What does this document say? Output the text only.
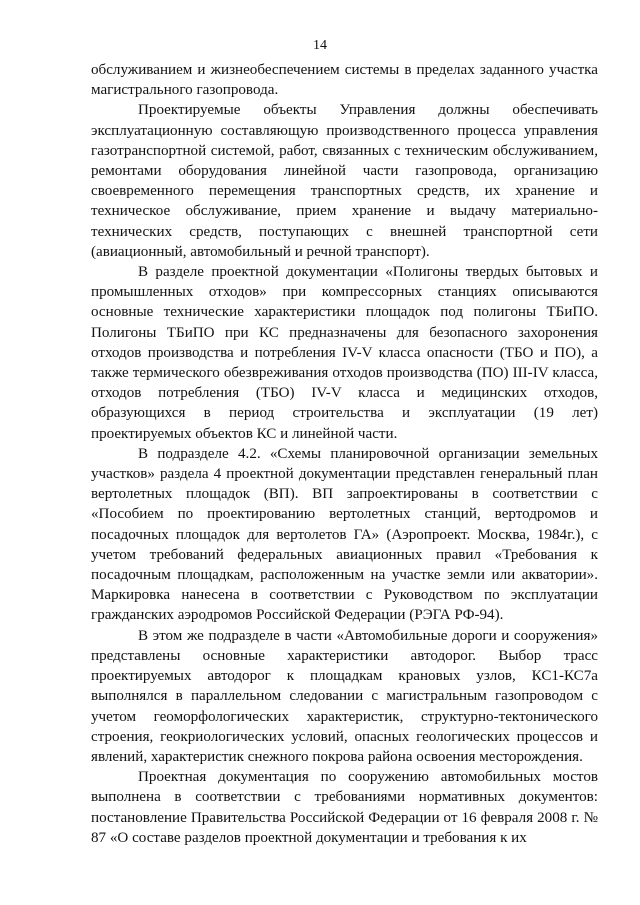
14

обслуживанием и жизнеобеспечением системы в пределах заданного участка магистрального газопровода.

Проектируемые объекты Управления должны обеспечивать эксплуатационную составляющую производственного процесса управления газотранспортной системой, работ, связанных с техническим обслуживанием, ремонтами оборудования линейной части газопровода, организацию своевременного перемещения транспортных средств, их хранение и техническое обслуживание, прием хранение и выдачу материально-технических средств, поступающих с внешней транспортной сети (авиационный, автомобильный и речной транспорт).

В разделе проектной документации «Полигоны твердых бытовых и промышленных отходов» при компрессорных станциях описываются основные технические характеристики площадок под полигоны ТБиПО. Полигоны ТБиПО при КС предназначены для безопасного захоронения отходов производства и потребления IV-V класса опасности (ТБО и ПО), а также термического обезвреживания отходов производства (ПО) III-IV класса, отходов потребления (ТБО) IV-V класса и медицинских отходов, образующихся в период строительства и эксплуатации (19 лет) проектируемых объектов КС и линейной части.

В подразделе 4.2. «Схемы планировочной организации земельных участков» раздела 4 проектной документации представлен генеральный план вертолетных площадок (ВП). ВП запроектированы в соответствии с «Пособием по проектированию вертолетных станций, вертодромов и посадочных площадок для вертолетов ГА» (Аэропроект. Москва, 1984г.), с учетом требований федеральных авиационных правил «Требования к посадочным площадкам, расположенным на участке земли или акватории». Маркировка нанесена в соответствии с Руководством по эксплуатации гражданских аэродромов Российской Федерации (РЭГА РФ-94).

В этом же подразделе в части «Автомобильные дороги и сооружения» представлены основные характеристики автодорог. Выбор трасс проектируемых автодорог к площадкам крановых узлов, КС1-КС7а выполнялся в параллельном следовании с магистральным газопроводом с учетом геоморфологических характеристик, структурно-тектонического строения, геокриологических условий, опасных геологических процессов и явлений, характеристик снежного покрова района освоения месторождения.

Проектная документация по сооружению автомобильных мостов выполнена в соответствии с требованиями нормативных документов: постановление Правительства Российской Федерации от 16 февраля 2008 г. № 87 «О составе разделов проектной документации и требования к их
